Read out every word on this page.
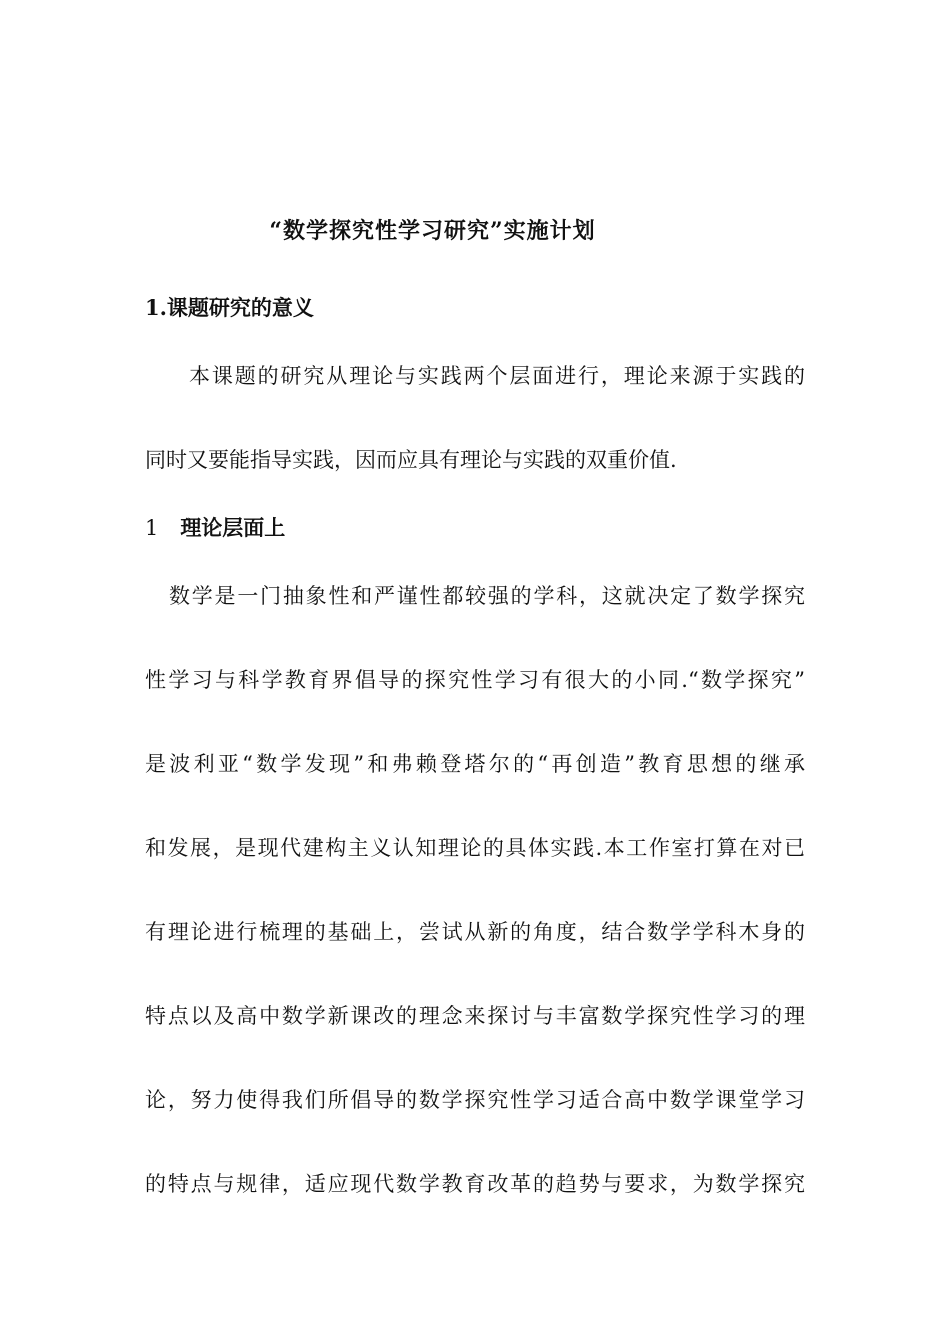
“数学探究性学习研究”实施计划
1.课题研究的意义
本课题的研究从理论与实践两个层面进行，理论来源于实践的
同时又要能指导实践，因而应具有理论与实践的双重价值.
1 理论层面上
数学是一门抽象性和严谨性都较强的学科，这就决定了数学探究
性学习与科学教育界倡导的探究性学习有很大的小同.“数学探究”
是波利亚“数学发现”和弗赖登塔尔的“再创造”教育思想的继承
和发展，是现代建构主义认知理论的具体实践.本工作室打算在对已
有理论进行梳理的基础上，尝试从新的角度，结合数学学科木身的
特点以及高中数学新课改的理念来探讨与丰富数学探究性学习的理
论，努力使得我们所倡导的数学探究性学习适合高中数学课堂学习
的特点与规律，适应现代数学教育改革的趋势与要求，为数学探究
